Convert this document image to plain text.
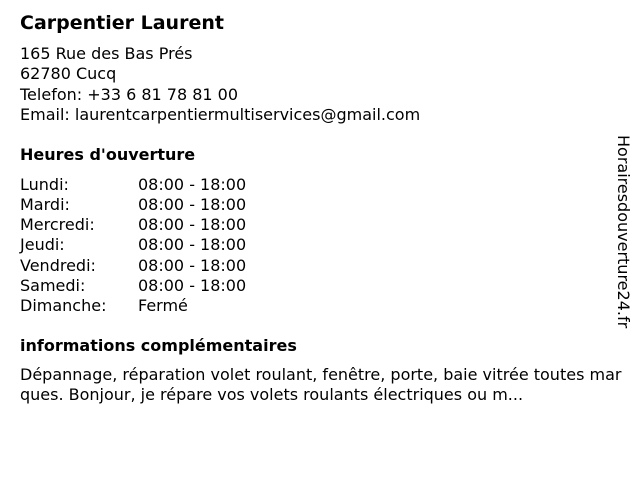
Carpentier Laurent
165 Rue des Bas Prés
62780 Cucq
Telefon: +33 6 81 78 81 00
Email: laurentcarpentiermultiservices@gmail.com
Heures d'ouverture
Lundi:	08:00 - 18:00
Mardi:	08:00 - 18:00
Mercredi:	08:00 - 18:00
Jeudi:	08:00 - 18:00
Vendredi:	08:00 - 18:00
Samedi:	08:00 - 18:00
Dimanche:	Fermé
informations complémentaires
Dépannage, réparation volet roulant, fenêtre, porte, baie vitrée toutes marques. Bonjour, je répare vos volets roulants électriques ou m...
Horairesdouverture24.fr
